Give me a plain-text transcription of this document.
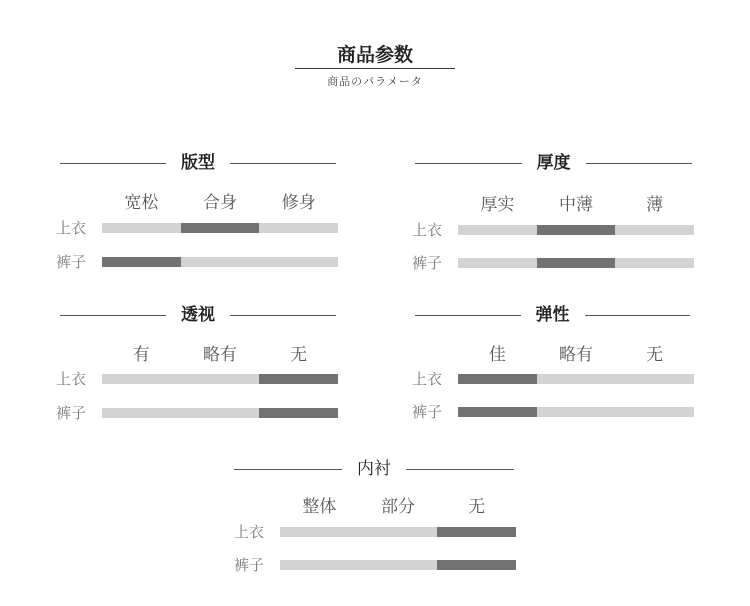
商品参数
商品のパラメータ
版型
宽松	合身	修身
上衣
裤子
厚度
厚实	中薄	薄
上衣
裤子
透视
有	略有	无
上衣
裤子
弹性
佳	略有	无
上衣
裤子
内衬
整体	部分	无
上衣
裤子
